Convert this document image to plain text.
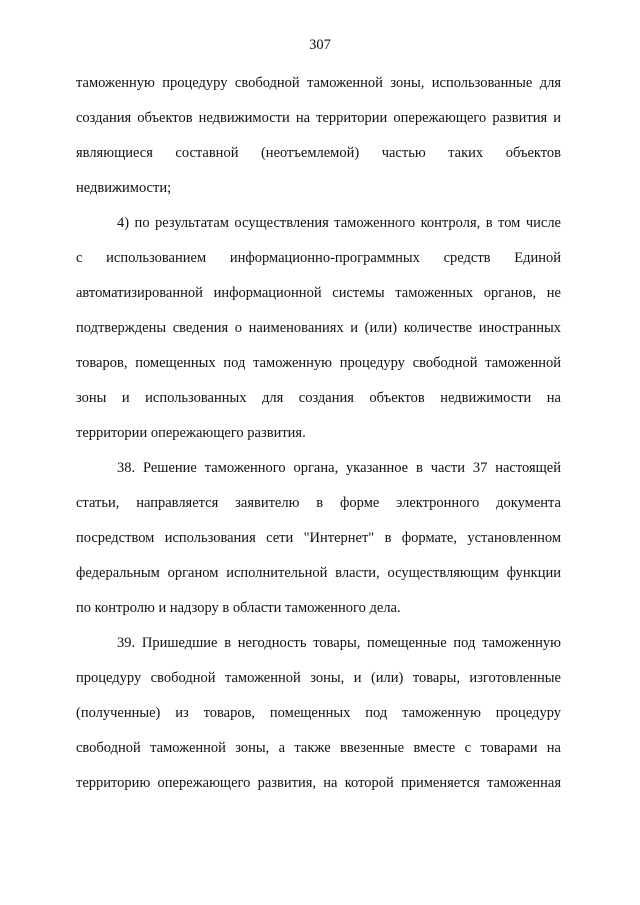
307
таможенную процедуру свободной таможенной зоны, использованные для
создания объектов недвижимости на территории опережающего развития и
являющиеся составной (неотъемлемой) частью таких объектов
недвижимости;
4) по результатам осуществления таможенного контроля, в том числе
с использованием информационно-программных средств Единой
автоматизированной информационной системы таможенных органов, не
подтверждены сведения о наименованиях и (или) количестве иностранных
товаров, помещенных под таможенную процедуру свободной таможенной
зоны и использованных для создания объектов недвижимости на
территории опережающего развития.
38. Решение таможенного органа, указанное в части 37 настоящей
статьи, направляется заявителю в форме электронного документа
посредством использования сети "Интернет" в формате, установленном
федеральным органом исполнительной власти, осуществляющим функции
по контролю и надзору в области таможенного дела.
39. Пришедшие в негодность товары, помещенные под таможенную
процедуру свободной таможенной зоны, и (или) товары, изготовленные
(полученные) из товаров, помещенных под таможенную процедуру
свободной таможенной зоны, а также ввезенные вместе с товарами на
территорию опережающего развития, на которой применяется таможенная
